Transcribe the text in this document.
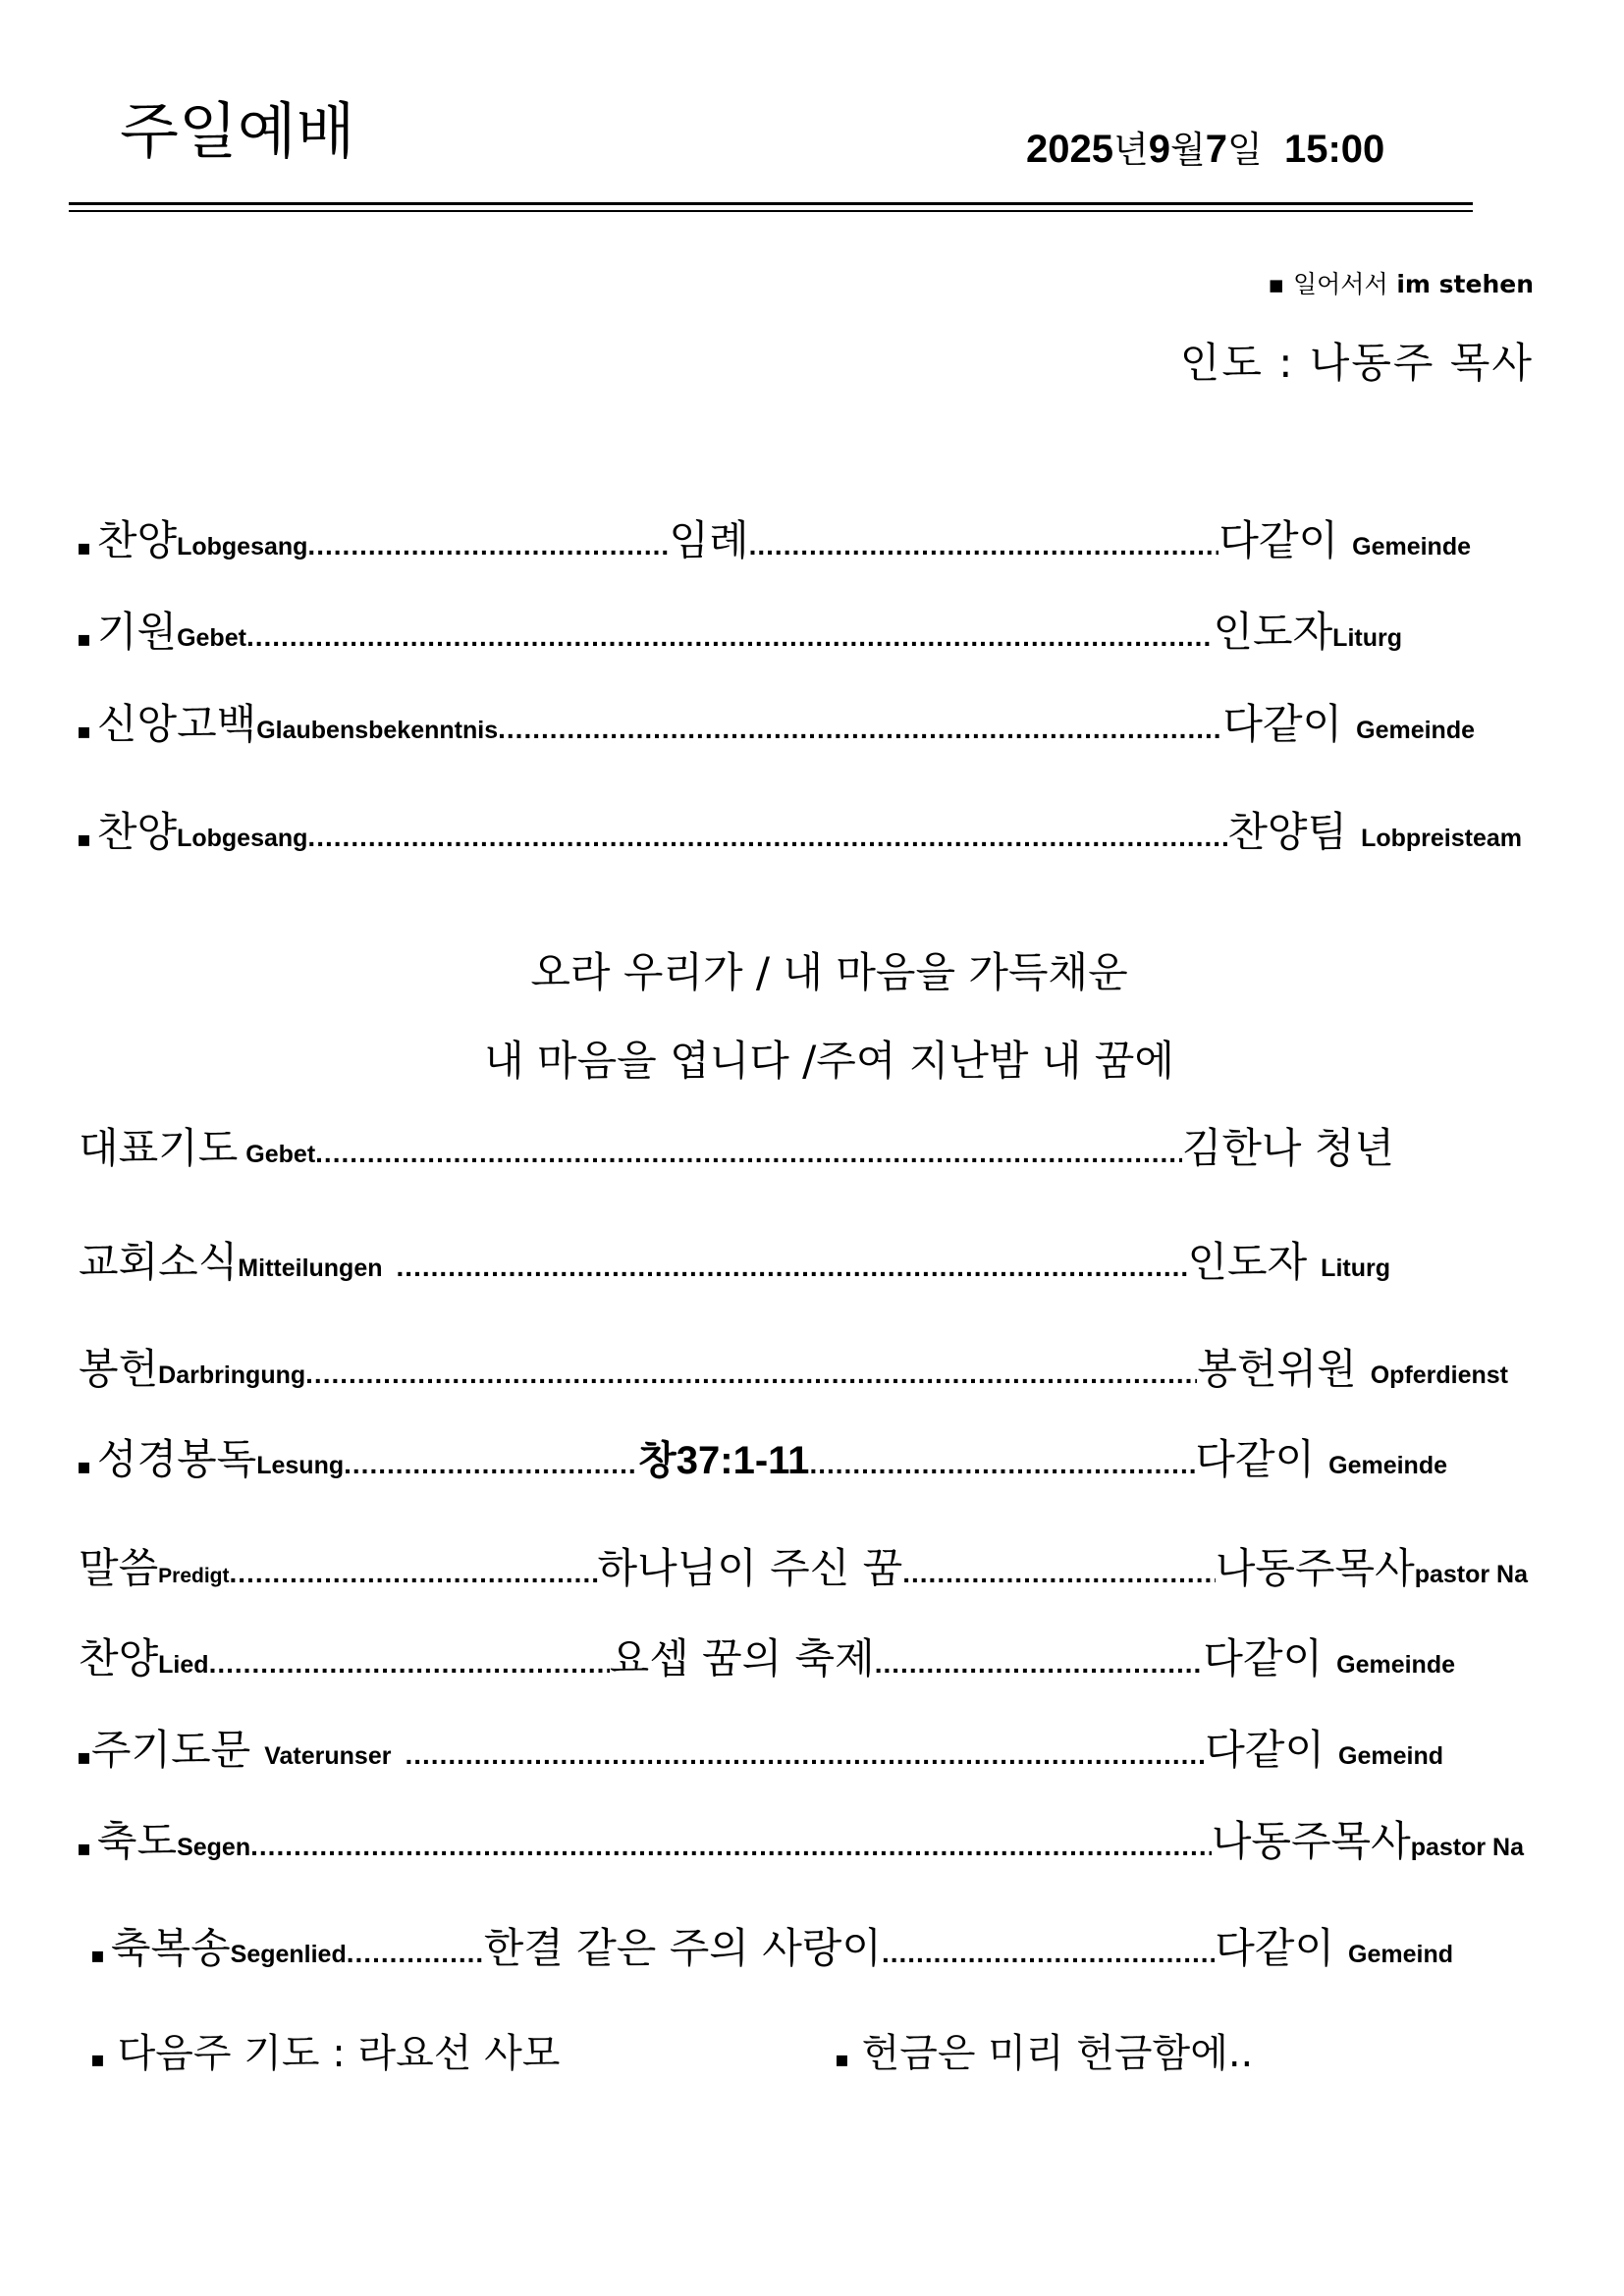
주일예배	2025년9월7일 15:00
▪ 일어서서 im stehen
인도 : 나동주 목사
▪ 찬양 Lobgesang .....	임례 .....	다같이 Gemeinde
▪ 기원 Gebet .....	인도자 Liturg
▪ 신앙고백 Glaubensbekenntnis .....	다같이 Gemeinde
▪ 찬양 Lobgesang .....	찬양팀 Lobpreisteam
오라 우리가 / 내 마음을 가득채운
내 마음을 엽니다 /주여 지난밤 내 꿈에
대표기도 Gebet .....	김한나 청년
교회소식 Mitteilungen .....	인도자 Liturg
봉헌 Darbringung .....	봉헌위원 Opferdienst
▪ 성경봉독 Lesung .....	창37:1-11 .....	다같이 Gemeinde
말씀 Predigt .....	하나님이 주신 꿈 .....	나동주목사 pastor Na
찬양 Lied .....	요셉 꿈의 축제 .....	다같이 Gemeinde
▪ 주기도문 Vaterunser .....	다같이 Gemeind
▪ 축도 Segen .....	나동주목사 pastor Na
▪ 축복송 Segenlied .....	한결 같은 주의 사랑이 .....	다같이 Gemeind
▪ 다음주 기도 : 라요선 사모	▪ 헌금은 미리 헌금함에..
